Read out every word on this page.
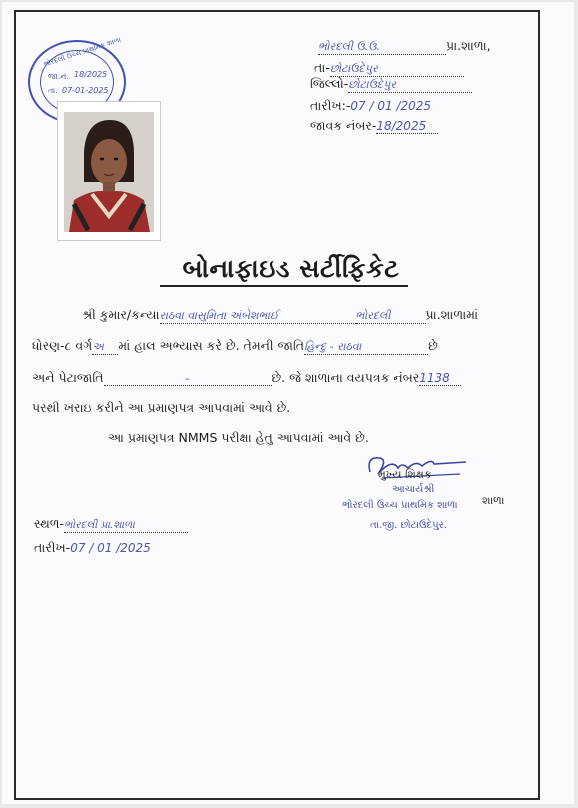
ભોરદલી ઉચ્ચ પ્રાથમિક શાળા
જા.નં. 18/2025
તા. 07-01-2025
ભોરદલી ઉ.ઉ.	પ્રા.શાળા,
તા-છોટાઉદેપુર
જિલ્લો-છોટાઉદેપુર
તારીખ:-07 / 01 /2025
જાવક નંબર-18/2025
બોનાફાઇડ સર્ટીફિકેટ
શ્રી કુમાર/કન્યારાઠવા વાસુમિતા અંબેશભાઈ	ભોરદલી	પ્રા.શાળામાં
ધોરણ-૮ વર્ગઅ માં હાલ અભ્યાસ કરે છે. તેમની જાતિહિન્દુ - રાઠવા	છે
અને પેટાજાતિ	–	છે. જે શાળાના વયપત્રક નંબર1138
પરથી ખરાઇ કરીને આ પ્રમાણપત્ર આપવામાં આવે છે.
આ પ્રમાણપત્ર NMMS પરીક્ષા હેતુ આપવામાં આવે છે.
મુખ્ય શિક્ષક
આચાર્યશ્રી
ભોરદલી ઉચ્ચ પ્રાથમિક શાળા શાળા
તા.જી. છોટાઉદેપુર.
સ્થળ-ભોરદલી પ્રા.શાળા
તારીખ-07 / 01 /2025
